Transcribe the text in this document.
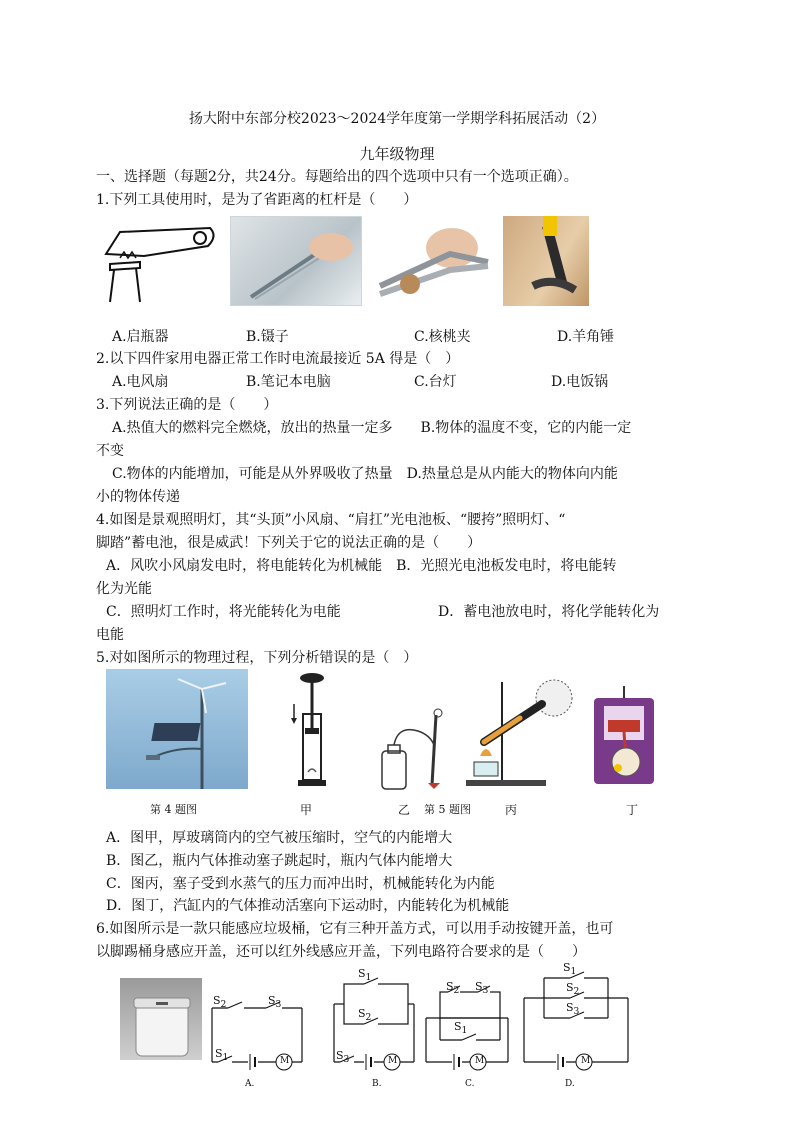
扬大附中东部分校2023～2024学年度第一学期学科拓展活动（2）
九年级物理
一、选择题（每题2分，共24分。每题给出的四个选项中只有一个选项正确）。
1.下列工具使用时，是为了省距离的杠杆是（　　）
A.启瓶器	B.镊子	C.核桃夹	D.羊角锤
2.以下四件家用电器正常工作时电流最接近 5A 得是（　）
A.电风扇	B.笔记本电脑	C.台灯	D.电饭锅
3.下列说法正确的是（　　）
A.热值大的燃料完全燃烧，放出的热量一定多　　B.物体的温度不变，它的内能一定
不变
C.物体的内能增加，可能是从外界吸收了热量　D.热量总是从内能大的物体向内能
小的物体传递
4.如图是景观照明灯，其“头顶”小风扇、“肩扛”光电池板、“腰挎”照明灯、“
脚踏”蓄电池，很是威武！下列关于它的说法正确的是（　　）
A．风吹小风扇发电时，将电能转化为机械能　B．光照光电池板发电时，将电能转
化为光能
C．照明灯工作时，将光能转化为电能	D．蓄电池放电时，将化学能转化为
电能
5.对如图所示的物理过程，下列分析错误的是（　）
第 4 题图	甲	乙 第 5 题图	丙	丁
A．图甲，厚玻璃筒内的空气被压缩时，空气的内能增大
B．图乙，瓶内气体推动塞子跳起时，瓶内气体内能增大
C．图丙，塞子受到水蒸气的压力而冲出时，机械能转化为内能
D．图丁，汽缸内的气体推动活塞向下运动时，内能转化为机械能
6.如图所示是一款只能感应垃圾桶，它有三种开盖方式，可以用手动按键开盖，也可
以脚踢桶身感应开盖，还可以红外线感应开盖，下列电路符合要求的是（　　）
$S_2$	$S_3$
$S_1$	M
A.
$S_1$
$S_2$
$S_3$	M
B.
$S_2$ $S_3$
$S_1$
M
C.
$S_1$
$S_2$
$S_3$
M
D.
